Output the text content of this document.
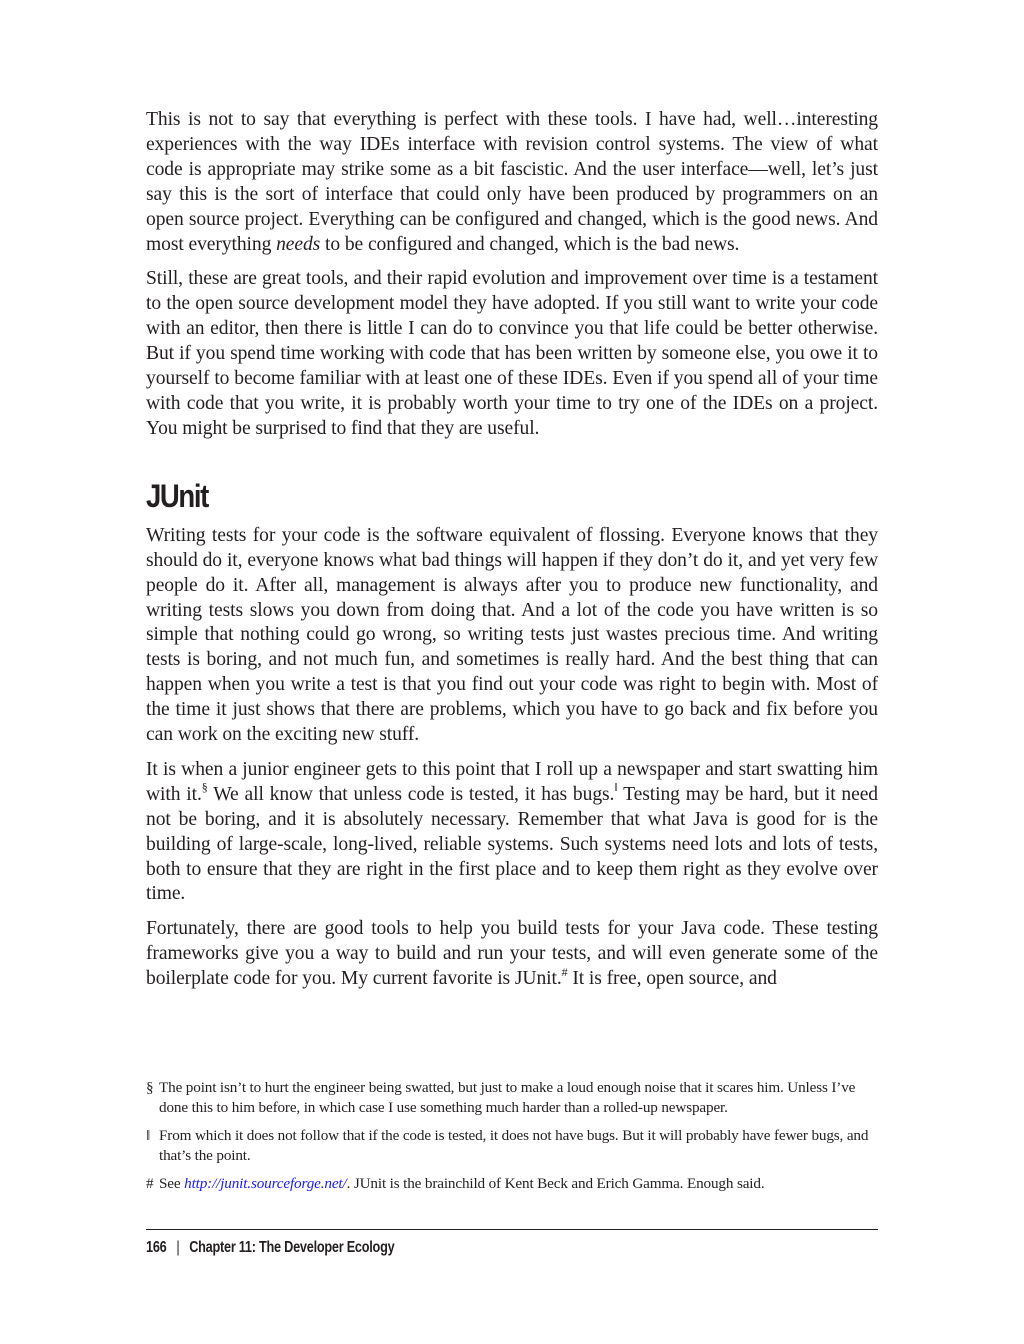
This is not to say that everything is perfect with these tools. I have had, well…interesting experiences with the way IDEs interface with revision control systems. The view of what code is appropriate may strike some as a bit fascistic. And the user interface—well, let’s just say this is the sort of interface that could only have been produced by programmers on an open source project. Everything can be configured and changed, which is the good news. And most everything needs to be configured and changed, which is the bad news.

Still, these are great tools, and their rapid evolution and improvement over time is a testament to the open source development model they have adopted. If you still want to write your code with an editor, then there is little I can do to convince you that life could be better otherwise. But if you spend time working with code that has been written by someone else, you owe it to yourself to become familiar with at least one of these IDEs. Even if you spend all of your time with code that you write, it is probably worth your time to try one of the IDEs on a project. You might be surprised to find that they are useful.

JUnit

Writing tests for your code is the software equivalent of flossing. Everyone knows that they should do it, everyone knows what bad things will happen if they don’t do it, and yet very few people do it. After all, management is always after you to produce new functionality, and writing tests slows you down from doing that. And a lot of the code you have written is so simple that nothing could go wrong, so writing tests just wastes precious time. And writing tests is boring, and not much fun, and sometimes is really hard. And the best thing that can happen when you write a test is that you find out your code was right to begin with. Most of the time it just shows that there are problems, which you have to go back and fix before you can work on the exciting new stuff.

It is when a junior engineer gets to this point that I roll up a newspaper and start swatting him with it.§ We all know that unless code is tested, it has bugs.‖ Testing may be hard, but it need not be boring, and it is absolutely necessary. Remember that what Java is good for is the building of large-scale, long-lived, reliable systems. Such systems need lots and lots of tests, both to ensure that they are right in the first place and to keep them right as they evolve over time.

Fortunately, there are good tools to help you build tests for your Java code. These testing frameworks give you a way to build and run your tests, and will even generate some of the boilerplate code for you. My current favorite is JUnit.# It is free, open source, and

§ The point isn’t to hurt the engineer being swatted, but just to make a loud enough noise that it scares him. Unless I’ve done this to him before, in which case I use something much harder than a rolled-up newspaper.

‖ From which it does not follow that if the code is tested, it does not have bugs. But it will probably have fewer bugs, and that’s the point.

# See http://junit.sourceforge.net/. JUnit is the brainchild of Kent Beck and Erich Gamma. Enough said.

166 | Chapter 11: The Developer Ecology
